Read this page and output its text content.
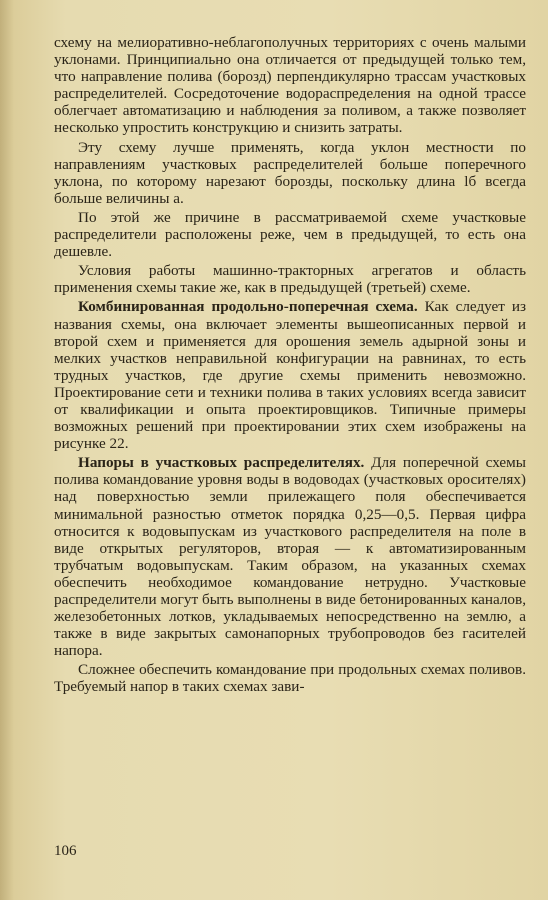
схему на мелиоративно-неблагополучных территориях с очень малыми уклонами. Принципиально она отличается от предыдущей только тем, что направление полива (борозд) перпендикулярно трассам участковых распределителей. Сосредоточение водораспределения на одной трассе облегчает автоматизацию и наблюдения за поливом, а также позволяет несколько упростить конструкцию и снизить затраты.

Эту схему лучше применять, когда уклон местности по направлениям участковых распределителей больше поперечного уклона, по которому нарезают борозды, поскольку длина lб всегда больше величины a.

По этой же причине в рассматриваемой схеме участковые распределители расположены реже, чем в предыдущей, то есть она дешевле.

Условия работы машинно-тракторных агрегатов и область применения схемы такие же, как в предыдущей (третьей) схеме.

Комбинированная продольно-поперечная схема. Как следует из названия схемы, она включает элементы вышеописанных первой и второй схем и применяется для орошения земель адырной зоны и мелких участков неправильной конфигурации на равнинах, то есть трудных участков, где другие схемы применить невозможно. Проектирование сети и техники полива в таких условиях всегда зависит от квалификации и опыта проектировщиков. Типичные примеры возможных решений при проектировании этих схем изображены на рисунке 22.

Напоры в участковых распределителях. Для поперечной схемы полива командование уровня воды в водоводах (участковых оросителях) над поверхностью земли прилежащего поля обеспечивается минимальной разностью отметок порядка 0,25—0,5. Первая цифра относится к водовыпускам из участкового распределителя на поле в виде открытых регуляторов, вторая — к автоматизированным трубчатым водовыпускам. Таким образом, на указанных схемах обеспечить необходимое командование нетрудно. Участковые распределители могут быть выполнены в виде бетонированных каналов, железобетонных лотков, укладываемых непосредственно на землю, а также в виде закрытых самонапорных трубопроводов без гасителей напора.

Сложнее обеспечить командование при продольных схемах поливов. Требуемый напор в таких схемах зави-

106
